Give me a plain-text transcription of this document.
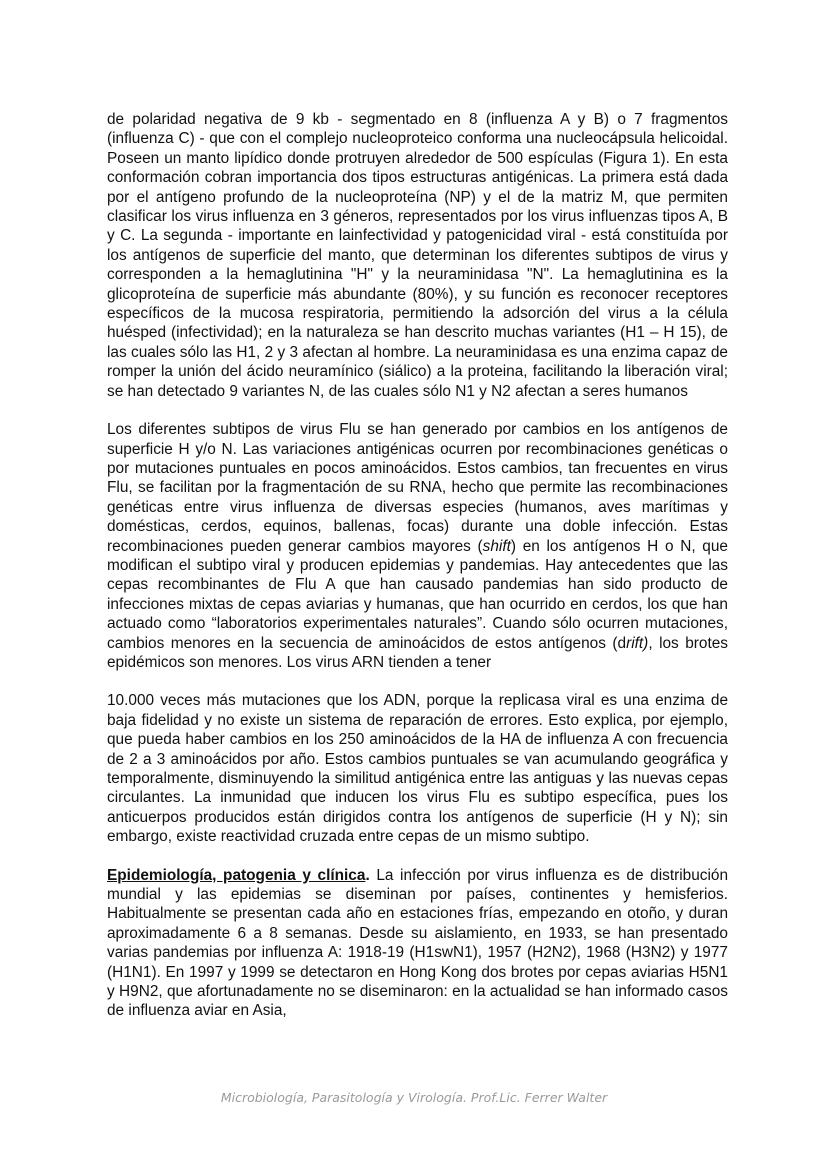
de polaridad negativa de 9 kb - segmentado en 8 (influenza A y B) o 7 fragmentos (influenza C) - que con el complejo nucleoproteico conforma una nucleocápsula helicoidal. Poseen un manto lipídico donde protruyen alrededor de 500 espículas (Figura 1). En esta conformación cobran importancia dos tipos estructuras antigénicas. La primera está dada por el antígeno profundo de la nucleoproteína (NP) y el de la matriz M, que permiten clasificar los virus influenza en 3 géneros, representados por los virus influenzas tipos A, B y C. La segunda - importante en lainfectividad y patogenicidad viral - está constituída por los antígenos de superficie del manto, que determinan los diferentes subtipos de virus y corresponden a la hemaglutinina "H" y la neuraminidasa "N". La hemaglutinina es la glicoproteína de superficie más abundante (80%), y su función es reconocer receptores específicos de la mucosa respiratoria, permitiendo la adsorción del virus a la célula huésped (infectividad); en la naturaleza se han descrito muchas variantes (H1 – H 15), de las cuales sólo las H1, 2 y 3 afectan al hombre. La neuraminidasa es una enzima capaz de romper la unión del ácido neuramínico (siálico) a la proteina, facilitando la liberación viral; se han detectado 9 variantes N, de las cuales sólo N1 y N2 afectan a seres humanos

Los diferentes subtipos de virus Flu se han generado por cambios en los antígenos de superficie H y/o N. Las variaciones antigénicas ocurren por recombinaciones genéticas o por mutaciones puntuales en pocos aminoácidos. Estos cambios, tan frecuentes en virus Flu, se facilitan por la fragmentación de su RNA, hecho que permite las recombinaciones genéticas entre virus influenza de diversas especies (humanos, aves marítimas y domésticas, cerdos, equinos, ballenas, focas) durante una doble infección. Estas recombinaciones pueden generar cambios mayores (shift) en los antígenos H o N, que modifican el subtipo viral y producen epidemias y pandemias. Hay antecedentes que las cepas recombinantes de Flu A que han causado pandemias han sido producto de infecciones mixtas de cepas aviarias y humanas, que han ocurrido en cerdos, los que han actuado como “laboratorios experimentales naturales”. Cuando sólo ocurren mutaciones, cambios menores en la secuencia de aminoácidos de estos antígenos (drift), los brotes epidémicos son menores. Los virus ARN tienden a tener

10.000 veces más mutaciones que los ADN, porque la replicasa viral es una enzima de baja fidelidad y no existe un sistema de reparación de errores. Esto explica, por ejemplo, que pueda haber cambios en los 250 aminoácidos de la HA de influenza A con frecuencia de 2 a 3 aminoácidos por año. Estos cambios puntuales se van acumulando geográfica y temporalmente, disminuyendo la similitud antigénica entre las antiguas y las nuevas cepas circulantes. La inmunidad que inducen los virus Flu es subtipo específica, pues los anticuerpos producidos están dirigidos contra los antígenos de superficie (H y N); sin embargo, existe reactividad cruzada entre cepas de un mismo subtipo.

Epidemiología, patogenia y clínica. La infección por virus influenza es de distribución mundial y las epidemias se diseminan por países, continentes y hemisferios. Habitualmente se presentan cada año en estaciones frías, empezando en otoño, y duran aproximadamente 6 a 8 semanas. Desde su aislamiento, en 1933, se han presentado varias pandemias por influenza A: 1918-19 (H1swN1), 1957 (H2N2), 1968 (H3N2) y 1977 (H1N1). En 1997 y 1999 se detectaron en Hong Kong dos brotes por cepas aviarias H5N1 y H9N2, que afortunadamente no se diseminaron: en la actualidad se han informado casos de influenza aviar en Asia,

Microbiología, Parasitología y Virología. Prof.Lic. Ferrer Walter
